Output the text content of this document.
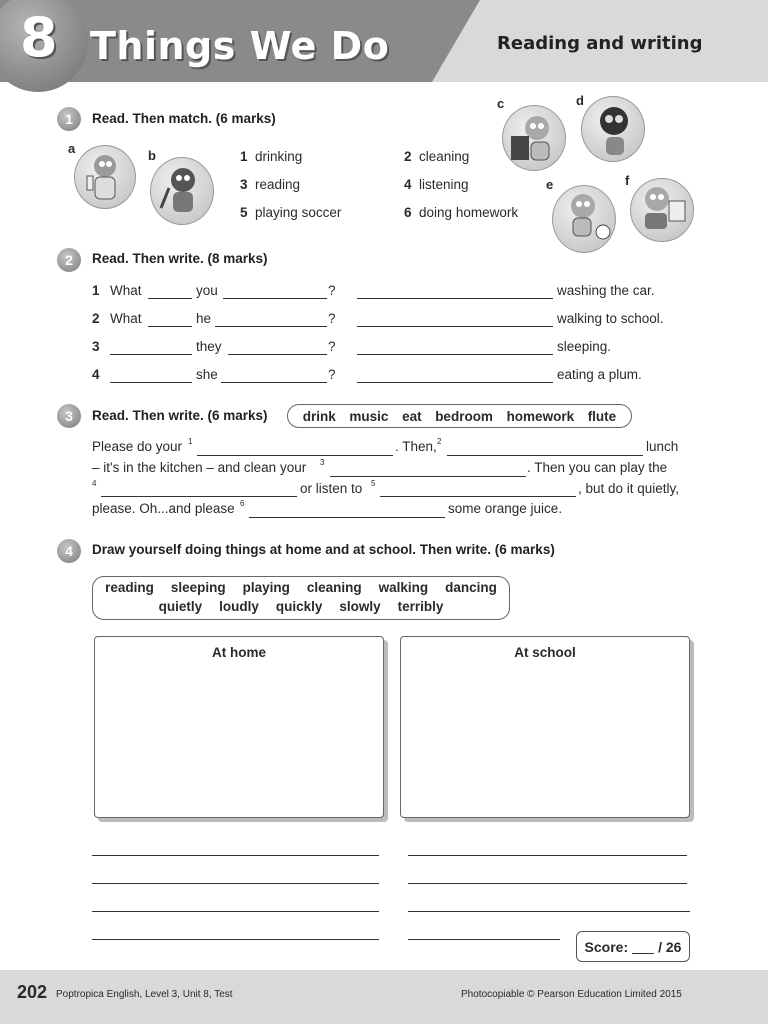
8 Things We Do	Reading and writing
1	Read. Then match. (6 marks)
a	b
c	d
e	f
1 drinking	2 cleaning
3 reading	4 listening
5 playing soccer	6 doing homework
2	Read. Then write. (8 marks)
1 What	you	?	washing the car.
2 What	he	?	walking to school.
3	they	?	sleeping.
4	she	?	eating a plum.
3	Read. Then write. (6 marks)	drink music eat bedroom homework flute
Please do your 1	. Then, 2	lunch
– it's in the kitchen – and clean your 3	. Then you can play the
4	or listen to 5	, but do it quietly,
please. Oh...and please 6	some orange juice.
4	Draw yourself doing things at home and at school. Then write. (6 marks)
reading sleeping playing cleaning walking dancing
quietly loudly quickly slowly terribly
At home	At school
Score: / 26
202 Poptropica English, Level 3, Unit 8, Test	Photocopiable © Pearson Education Limited 2015
